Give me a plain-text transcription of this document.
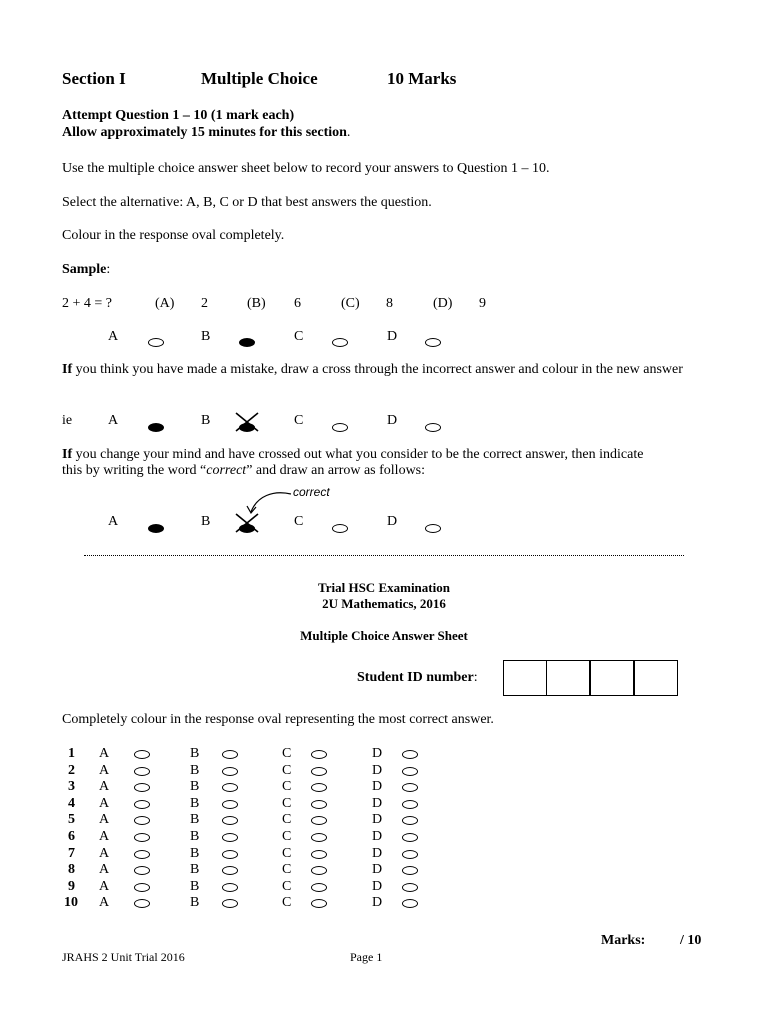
Section I	Multiple Choice	10 Marks
Attempt Question 1 – 10 (1 mark each)
Allow approximately 15 minutes for this section.
Use the multiple choice answer sheet below to record your answers to Question 1 – 10.
Select the alternative: A, B, C or D that best answers the question.
Colour in the response oval completely.
Sample:
2 + 4 = ?	(A) 2	(B) 6	(C) 8	(D) 9
A	B	C	D
If you think you have made a mistake, draw a cross through the incorrect answer and colour in the new answer
ie	A	B	C	D
If you change your mind and have crossed out what you consider to be the correct answer, then indicate
this by writing the word “correct” and draw an arrow as follows:
correct
A	B	C	D
Trial HSC Examination
2U Mathematics, 2016
Multiple Choice Answer Sheet
Student ID number:
Completely colour in the response oval representing the most correct answer.
1 A	B	C	D
2 A	B	C	D
3 A	B	C	D
4 A	B	C	D
5 A	B	C	D
6 A	B	C	D
7 A	B	C	D
8 A	B	C	D
9 A	B	C	D
10 A	B	C	D
Marks: / 10
JRAHS 2 Unit Trial 2016	Page 1
